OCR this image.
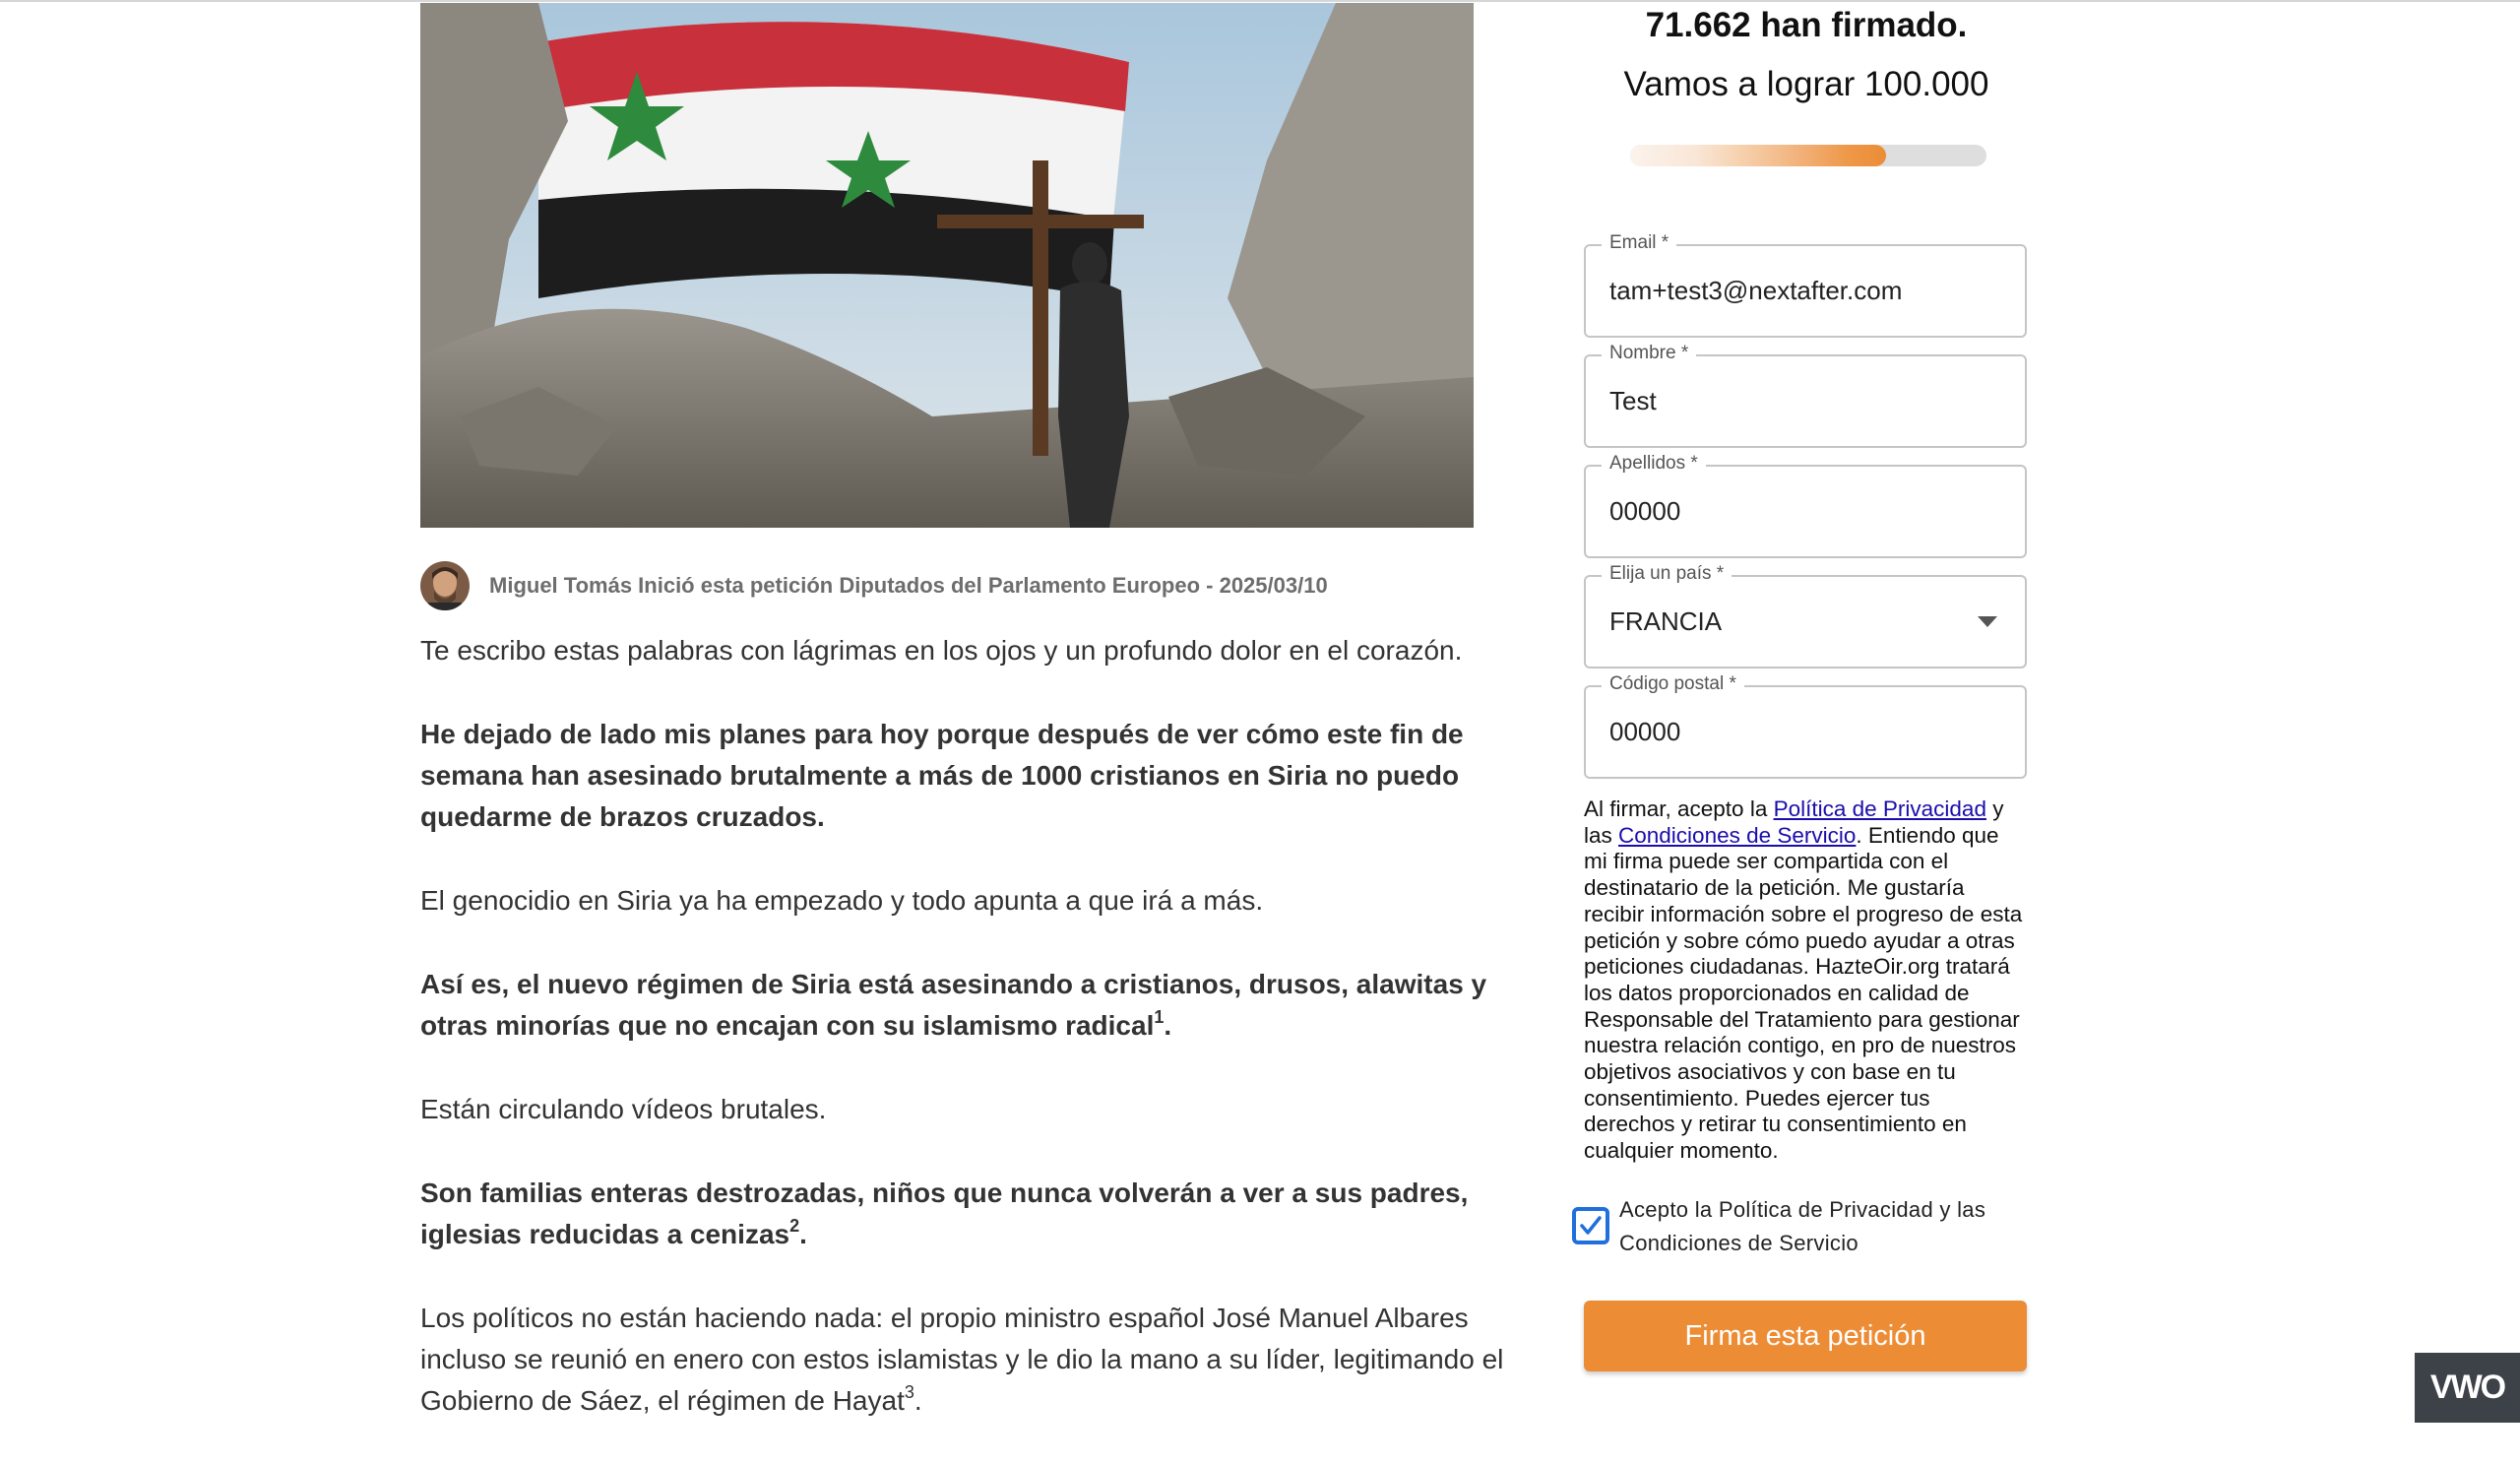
Miguel Tomás Inició esta petición Diputados del Parlamento Europeo - 2025/03/10

Te escribo estas palabras con lágrimas en los ojos y un profundo dolor en el corazón.

He dejado de lado mis planes para hoy porque después de ver cómo este fin de semana han asesinado brutalmente a más de 1000 cristianos en Siria no puedo quedarme de brazos cruzados.

El genocidio en Siria ya ha empezado y todo apunta a que irá a más.

Así es, el nuevo régimen de Siria está asesinando a cristianos, drusos, alawitas y otras minorías que no encajan con su islamismo radical$^1$.

Están circulando vídeos brutales.

Son familias enteras destrozadas, niños que nunca volverán a ver a sus padres, iglesias reducidas a cenizas$^2$.

Los políticos no están haciendo nada: el propio ministro español José Manuel Albares incluso se reunió en enero con estos islamistas y le dio la mano a su líder, legitimando el Gobierno de Sáez, el régimen de Hayat$^3$.

71.662 han firmado.
Vamos a lograr 100.000
Email *
tam+test3@nextafter.com
Nombre *
Test
Apellidos *
00000
Elija un país *
FRANCIA
Código postal *
00000
Al firmar, acepto la Política de Privacidad y las Condiciones de Servicio. Entiendo que mi firma puede ser compartida con el destinatario de la petición. Me gustaría recibir información sobre el progreso de esta petición y sobre cómo puedo ayudar a otras peticiones ciudadanas. HazteOir.org tratará los datos proporcionados en calidad de Responsable del Tratamiento para gestionar nuestra relación contigo, en pro de nuestros objetivos asociativos y con base en tu consentimiento. Puedes ejercer tus derechos y retirar tu consentimiento en cualquier momento.
Acepto la Política de Privacidad y las Condiciones de Servicio
Firma esta petición
VWO
